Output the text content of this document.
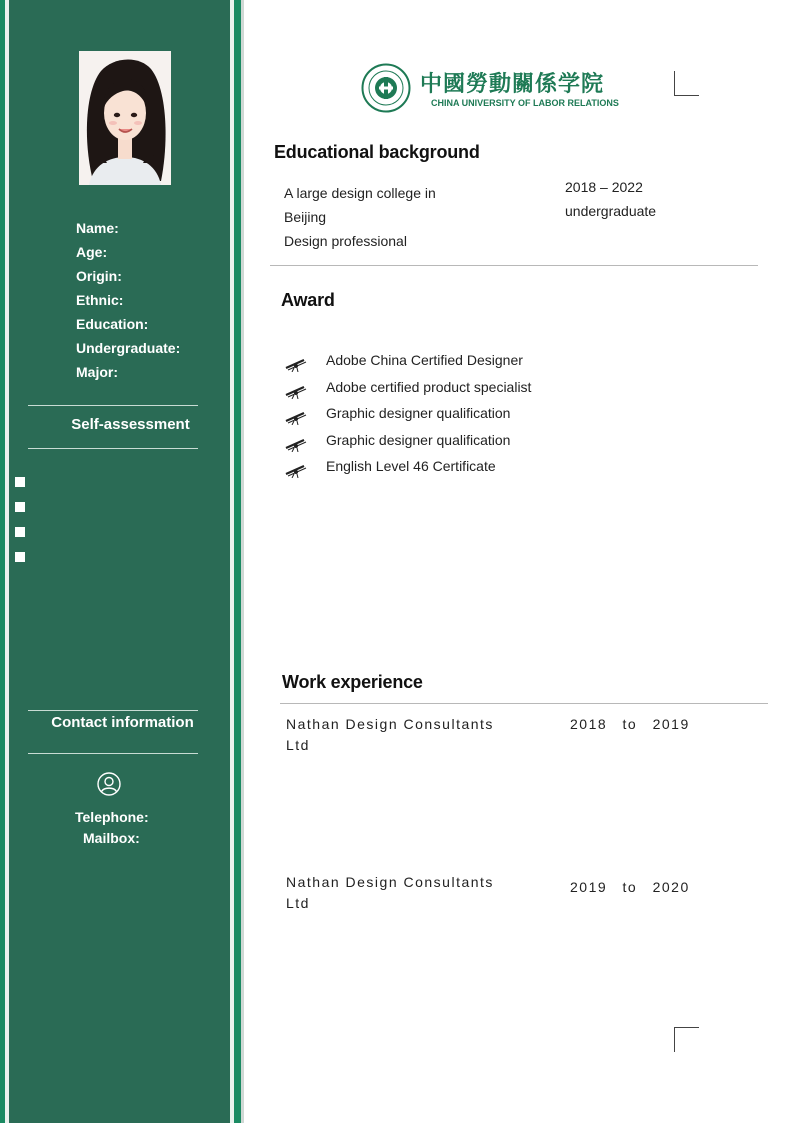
Name:
Age:
Origin:
Ethnic:
Education:
Undergraduate:
Major:
Self-assessment
Contact information
Telephone:
Mailbox:
中國勞動關係学院
CHINA UNIVERSITY OF LABOR RELATIONS
Educational background
A large design college in
Beijing
Design professional
2018 – 2022
undergraduate
Award
Adobe China Certified Designer
Adobe certified product specialist
Graphic designer qualification
Graphic designer qualification
English Level 46 Certificate
Work experience
Nathan Design Consultants
Ltd
2018 to 2019
Nathan Design Consultants
Ltd
2019 to 2020
